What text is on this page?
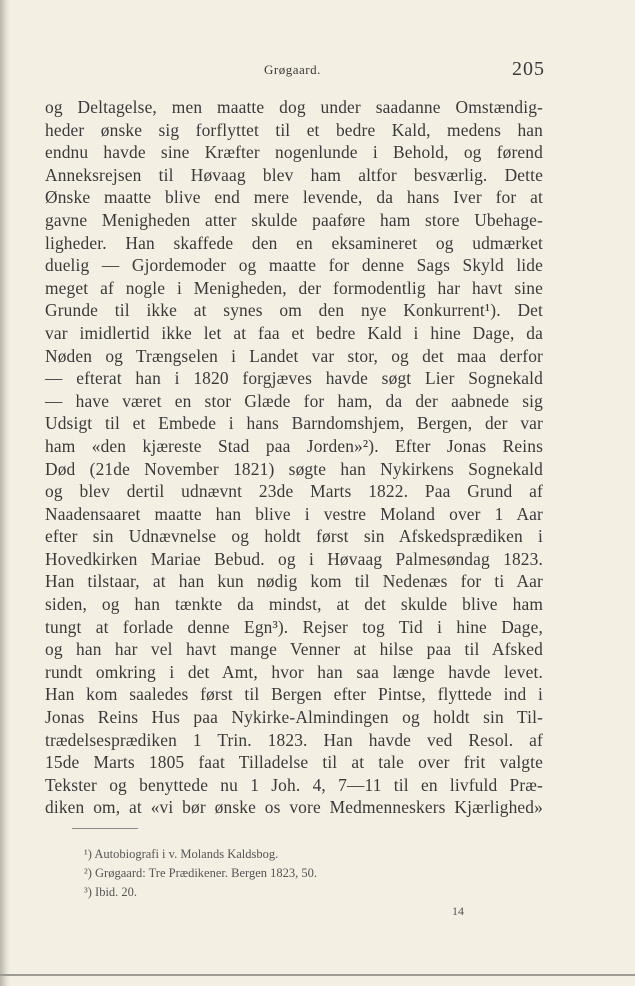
Grøgaard.	205
og Deltagelse, men maatte dog under saadanne Omstændig-
heder ønske sig forflyttet til et bedre Kald, medens han
endnu havde sine Kræfter nogenlunde i Behold, og førend
Anneksrejsen til Høvaag blev ham altfor besværlig. Dette
Ønske maatte blive end mere levende, da hans Iver for at
gavne Menigheden atter skulde paaføre ham store Ubehage-
ligheder. Han skaffede den en eksamineret og udmærket
duelig — Gjordemoder og maatte for denne Sags Skyld lide
meget af nogle i Menigheden, der formodentlig har havt sine
Grunde til ikke at synes om den nye Konkurrent¹). Det
var imidlertid ikke let at faa et bedre Kald i hine Dage, da
Nøden og Trængselen i Landet var stor, og det maa derfor
— efterat han i 1820 forgjæves havde søgt Lier Sognekald
— have været en stor Glæde for ham, da der aabnede sig
Udsigt til et Embede i hans Barndomshjem, Bergen, der var
ham «den kjæreste Stad paa Jorden»²). Efter Jonas Reins
Død (21de November 1821) søgte han Nykirkens Sognekald
og blev dertil udnævnt 23de Marts 1822. Paa Grund af
Naadensaaret maatte han blive i vestre Moland over 1 Aar
efter sin Udnævnelse og holdt først sin Afskedsprædiken i
Hovedkirken Mariae Bebud. og i Høvaag Palmesøndag 1823.
Han tilstaar, at han kun nødig kom til Nedenæs for ti Aar
siden, og han tænkte da mindst, at det skulde blive ham
tungt at forlade denne Egn³). Rejser tog Tid i hine Dage,
og han har vel havt mange Venner at hilse paa til Afsked
rundt omkring i det Amt, hvor han saa længe havde levet.
Han kom saaledes først til Bergen efter Pintse, flyttede ind i
Jonas Reins Hus paa Nykirke-Almindingen og holdt sin Til-
trædelsesprædiken 1 Trin. 1823. Han havde ved Resol. af
15de Marts 1805 faat Tilladelse til at tale over frit valgte
Tekster og benyttede nu 1 Joh. 4, 7—11 til en livfuld Præ-
diken om, at «vi bør ønske os vore Medmenneskers Kjærlighed»
¹) Autobiografi i v. Molands Kaldsbog.
²) Grøgaard: Tre Prædikener. Bergen 1823, 50.
³) Ibid. 20.
14
